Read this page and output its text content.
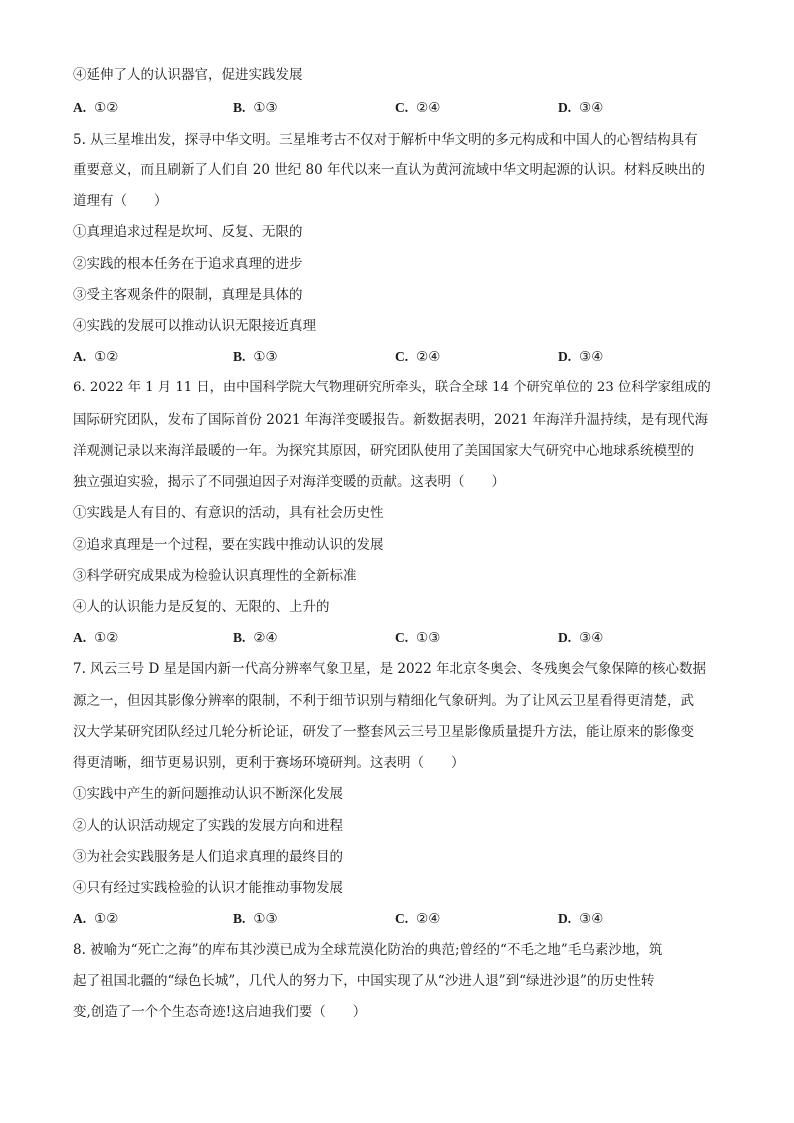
④延伸了人的认识器官，促进实践发展
A. ①②	B. ①③	C. ②④	D. ③④
5. 从三星堆出发，探寻中华文明。三星堆考古不仅对于解析中华文明的多元构成和中国人的心智结构具有
重要意义，而且刷新了人们自 20 世纪 80 年代以来一直认为黄河流域中华文明起源的认识。材料反映出的
道理有（　　）
①真理追求过程是坎坷、反复、无限的
②实践的根本任务在于追求真理的进步
③受主客观条件的限制，真理是具体的
④实践的发展可以推动认识无限接近真理
A. ①②	B. ①③	C. ②④	D. ③④
6. 2022 年 1 月 11 日，由中国科学院大气物理研究所牵头，联合全球 14 个研究单位的 23 位科学家组成的
国际研究团队，发布了国际首份 2021 年海洋变暖报告。新数据表明，2021 年海洋升温持续，是有现代海
洋观测记录以来海洋最暖的一年。为探究其原因，研究团队使用了美国国家大气研究中心地球系统模型的
独立强迫实验，揭示了不同强迫因子对海洋变暖的贡献。这表明（　　）
①实践是人有目的、有意识的活动，具有社会历史性
②追求真理是一个过程，要在实践中推动认识的发展
③科学研究成果成为检验认识真理性的全新标准
④人的认识能力是反复的、无限的、上升的
A. ①②	B. ②④	C. ①③	D. ③④
7. 风云三号 D 星是国内新一代高分辨率气象卫星，是 2022 年北京冬奥会、冬残奥会气象保障的核心数据
源之一，但因其影像分辨率的限制，不利于细节识别与精细化气象研判。为了让风云卫星看得更清楚，武
汉大学某研究团队经过几轮分析论证，研发了一整套风云三号卫星影像质量提升方法，能让原来的影像变
得更清晰，细节更易识别，更利于赛场环境研判。这表明（　　）
①实践中产生的新问题推动认识不断深化发展
②人的认识活动规定了实践的发展方向和进程
③为社会实践服务是人们追求真理的最终目的
④只有经过实践检验的认识才能推动事物发展
A. ①②	B. ①③	C. ②④	D. ③④
8. 被喻为“死亡之海”的库布其沙漠已成为全球荒漠化防治的典范;曾经的“不毛之地”毛乌素沙地，筑
起了祖国北疆的“绿色长城”，几代人的努力下，中国实现了从“沙进人退”到“绿进沙退”的历史性转
变,创造了一个个生态奇迹!这启迪我们要（　　）
